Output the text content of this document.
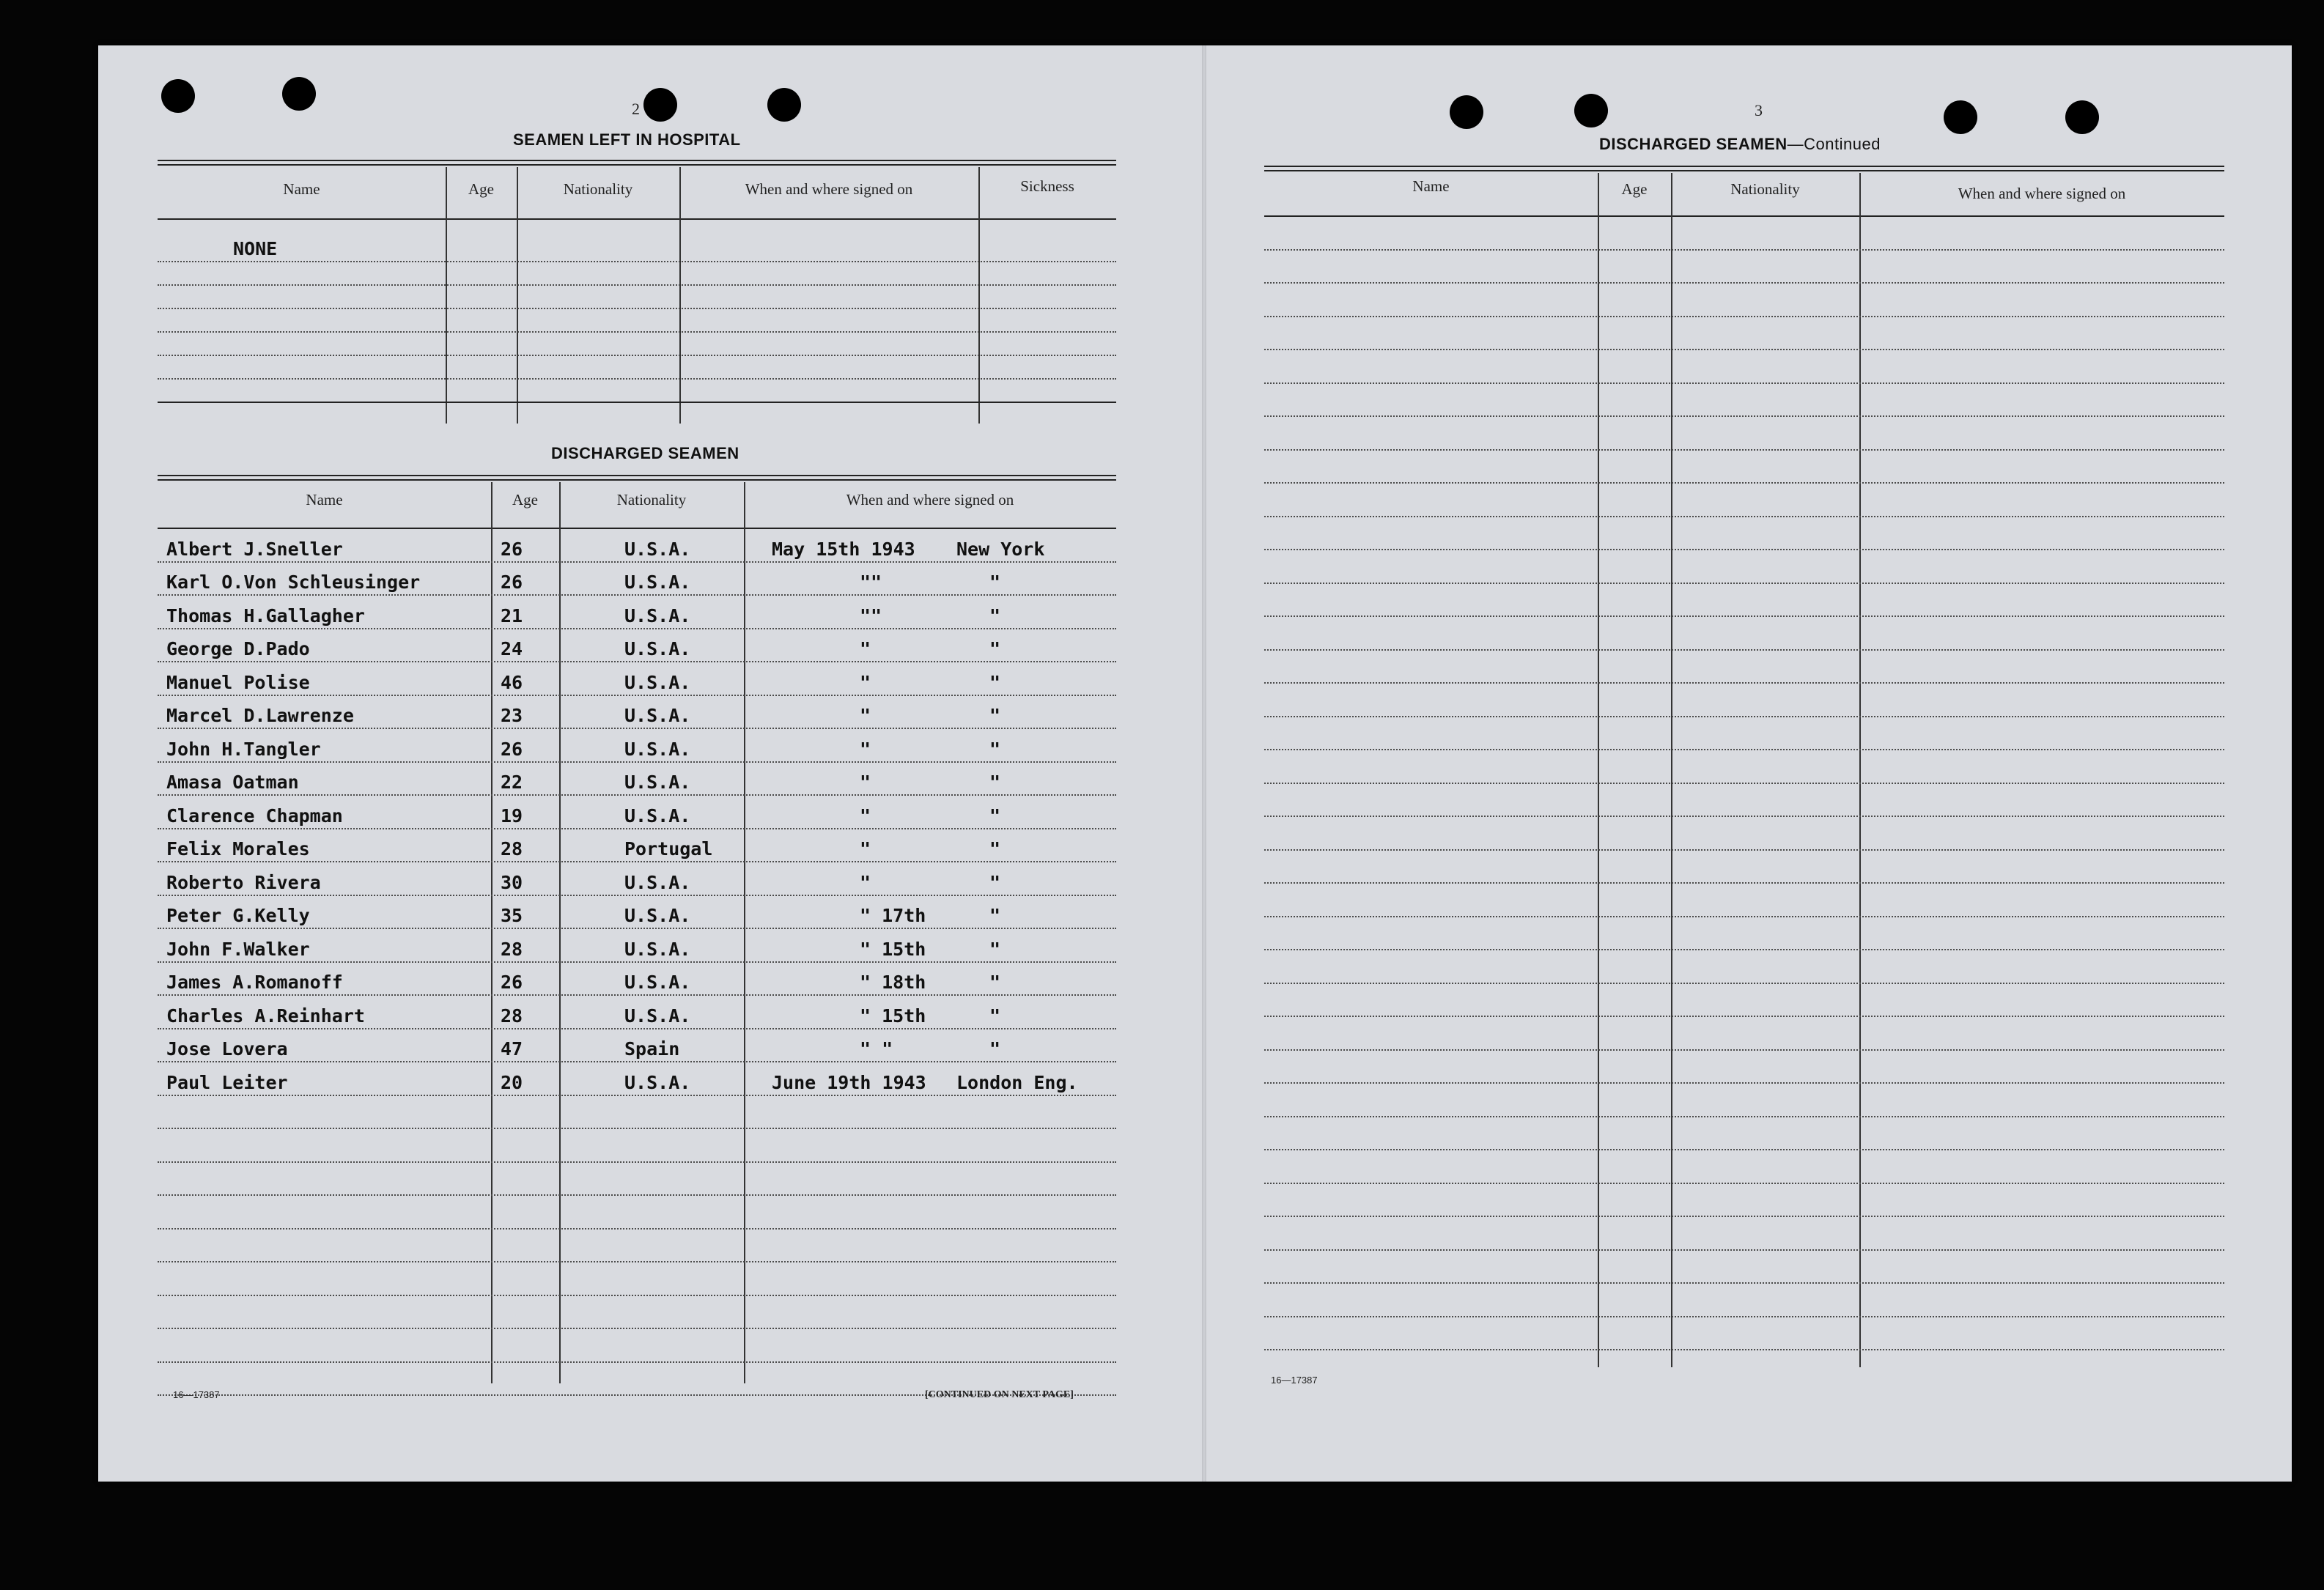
2
SEAMEN LEFT IN HOSPITAL
Name	Age	Nationality	When and where signed on	Sickness
NONE
DISCHARGED SEAMEN
Name	Age	Nationality	When and where signed on
Albert J.Sneller	26	U.S.A.	May 15th 1943 New York
Karl O.Von Schleusinger	26	U.S.A.	""	"
Thomas H.Gallagher	21	U.S.A.	""	"
George D.Pado	24	U.S.A.	"	"
Manuel Polise	46	U.S.A.	"	"
Marcel D.Lawrenze	23	U.S.A.	"	"
John H.Tangler	26	U.S.A.	"	"
Amasa Oatman	22	U.S.A.	"	"
Clarence Chapman	19	U.S.A.	"	"
Felix Morales	28	Portugal	"	"
Roberto Rivera	30	U.S.A.	"	"
Peter G.Kelly	35	U.S.A.	" 17th	"
John F.Walker	28	U.S.A.	" 15th	"
James A.Romanoff	26	U.S.A.	" 18th	"
Charles A.Reinhart	28	U.S.A.	" 15th	"
Jose Lovera	47	Spain	" "	"
Paul Leiter	20	U.S.A.	June 19th 1943 London Eng.
16—17387	[CONTINUED ON NEXT PAGE]
3
DISCHARGED SEAMEN—Continued
Name	Age	Nationality	When and where signed on
16—17387
